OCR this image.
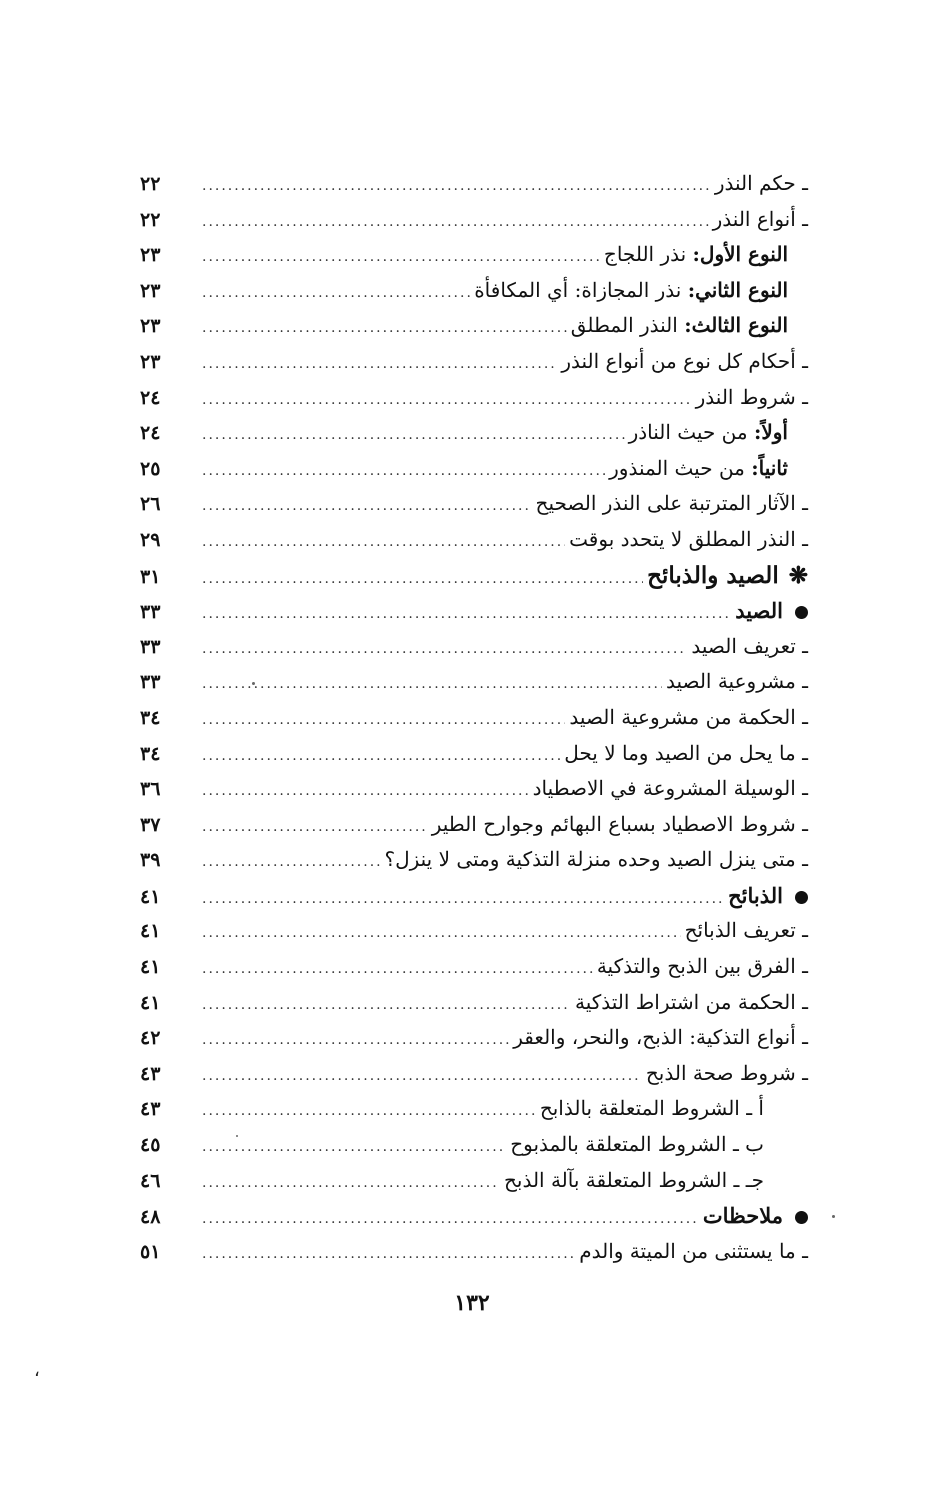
ـ حكم النذر
.....
٢٢
ـ أنواع النذر
.....
٢٢
النوع الأول: نذر اللجاج
.....
٢٣
النوع الثاني: نذر المجازاة: أي المكافأة
.....
٢٣
النوع الثالث: النذر المطلق
.....
٢٣
ـ أحكام كل نوع من أنواع النذر
.....
٢٣
ـ شروط النذر
.....
٢٤
أولاً: من حيث الناذر
.....
٢٤
ثانياً: من حيث المنذور
.....
٢٥
ـ الآثار المترتبة على النذر الصحيح
.....
٢٦
ـ النذر المطلق لا يتحدد بوقت
.....
٢٩
❋الصيد والذبائح
.....
٣١
الصيد
.....
٣٣
ـ تعريف الصيد
.....
٣٣
ـ مشروعية الصيد
.....
٣٣
ـ الحكمة من مشروعية الصيد
.....
٣٤
ـ ما يحل من الصيد وما لا يحل
.....
٣٤
ـ الوسيلة المشروعة في الاصطياد
.....
٣٦
ـ شروط الاصطياد بسباع البهائم وجوارح الطير
.....
٣٧
ـ متى ينزل الصيد وحده منزلة التذكية ومتى لا ينزل؟
.....
٣٩
الذبائح
.....
٤١
ـ تعريف الذبائح
.....
٤١
ـ الفرق بين الذبح والتذكية
.....
٤١
ـ الحكمة من اشتراط التذكية
.....
٤١
ـ أنواع التذكية: الذبح، والنحر، والعقر
.....
٤٢
ـ شروط صحة الذبح
.....
٤٣
أ ـ الشروط المتعلقة بالذابح
.....
٤٣
ب ـ الشروط المتعلقة بالمذبوح
.....
٤٥
جـ ـ الشروط المتعلقة بآلة الذبح
.....
٤٦
ملاحظات
.....
٤٨
ـ ما يستثنى من الميتة والدم
.....
٥١
١٣٢
،
